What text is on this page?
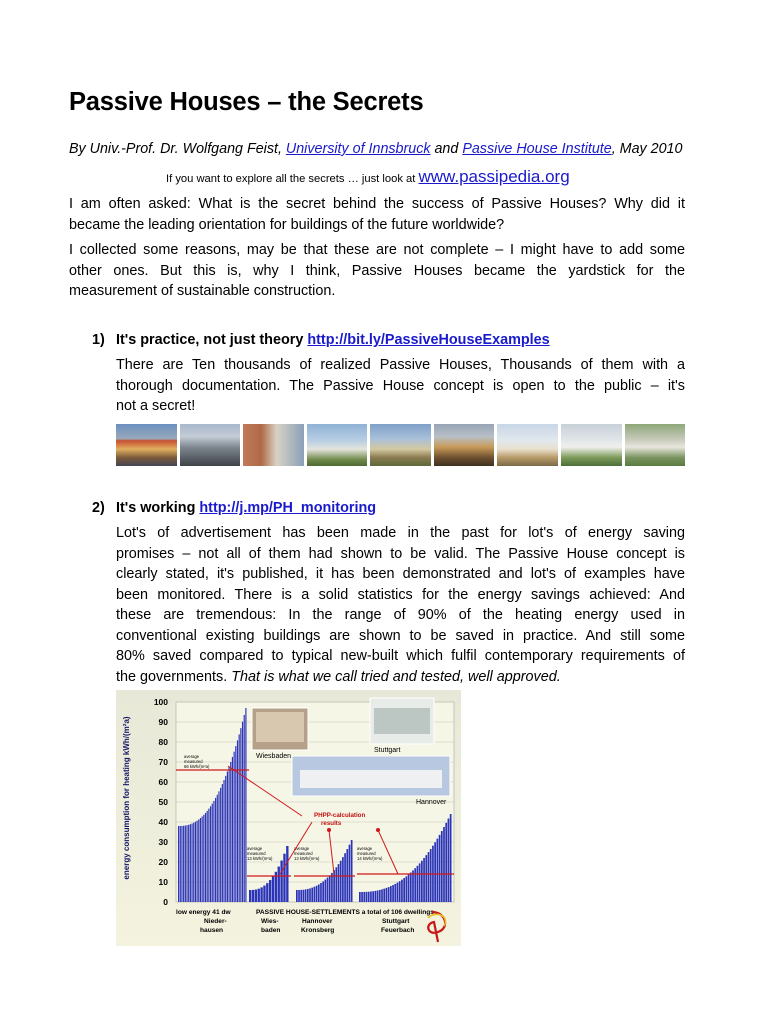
Passive Houses – the Secrets
By Univ.-Prof. Dr. Wolfgang Feist, University of Innsbruck and Passive House Institute, May 2010
If you want to explore all the secrets … just look at www.passipedia.org
I am often asked: What is the secret behind the success of Passive Houses? Why did it
became the leading orientation for buildings of the future worldwide?
I collected some reasons, may be that these are not complete – I might have to add some
other ones. But this is, why I think, Passive Houses became the yardstick for the
measurement of sustainable construction.
1) It's practice, not just theory http://bit.ly/PassiveHouseExamples
There are Ten thousands of realized Passive Houses, Thousands of them with a
thorough documentation. The Passive House concept is open to the public – it's
not a secret!
2) It's working http://j.mp/PH_monitoring
Lot's of advertisement has been made in the past for lot's of energy saving
promises – not all of them had shown to be valid. The Passive House concept is
clearly stated, it's published, it has been demonstrated and lot's of examples have
been monitored. There is a solid statistics for the energy savings achieved: And
these are tremendous: In the range of 90% of the heating energy used in
conventional existing buildings are shown to be saved in practice. And still some
80% saved compared to typical new-built which fulfil contemporary requirements of
the governments. That is what we call tried and tested, well approved.
0
10
20
30
40
50
60
70
80
90
100
energy consumption for heating kWh/(m²a)	average
measured
66 kWh/(m²a)
average
measured
13 kWh/(m²a)
average
measured
13 kWh/(m²a)
average
measured
14 kWh/(m²a)
Wiesbaden
Stuttgart
Hannover
PHPP-calculation
results
low energy 41 dw	PASSIVE HOUSE-SETTLEMENTS a total of 106 dwellings
Nieder-
hausen
Wies-
baden
Hannover
Kronsberg
Stuttgart
Feuerbach
